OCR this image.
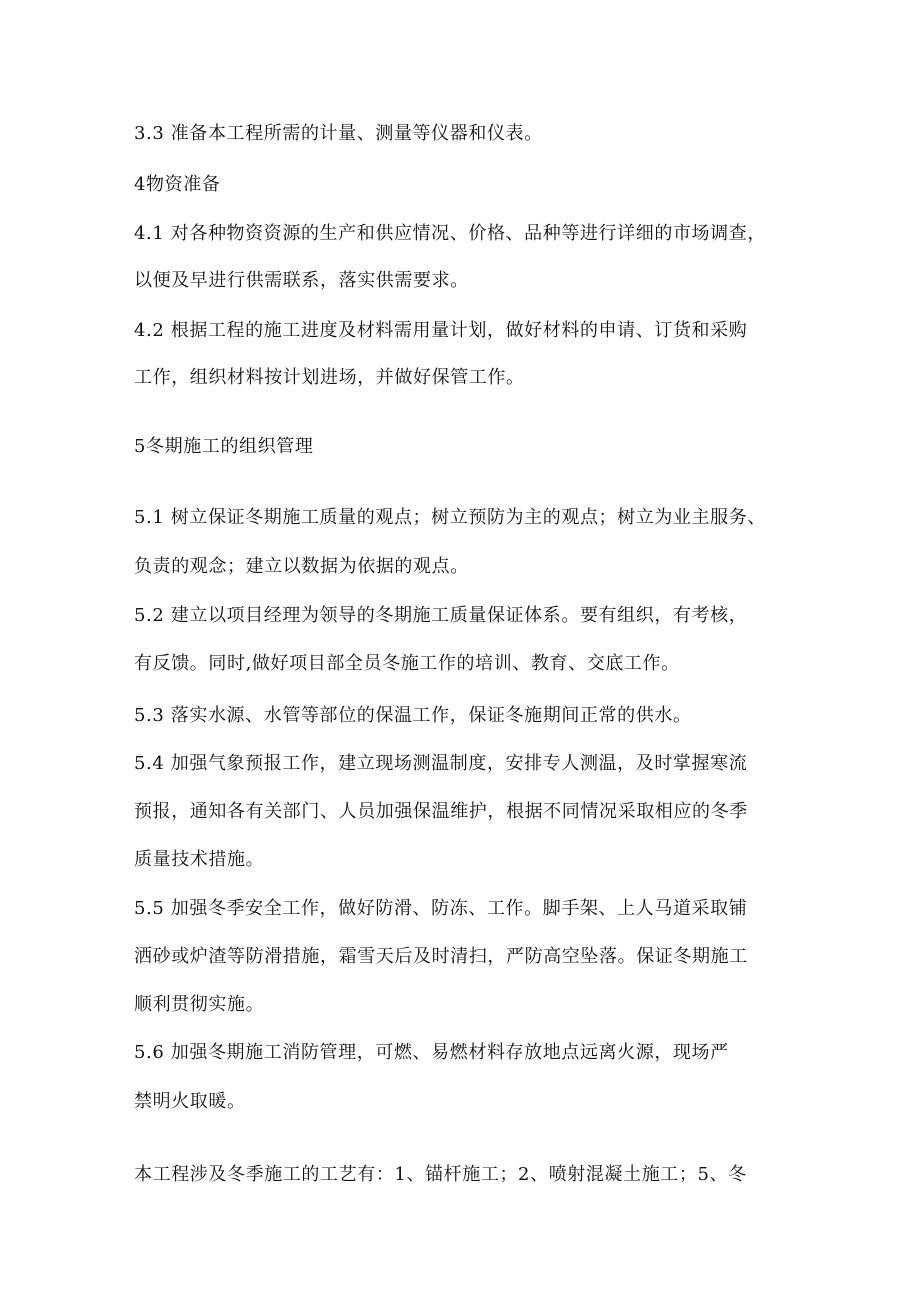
3.3 准备本工程所需的计量、测量等仪器和仪表。
4物资准备
4.1 对各种物资资源的生产和供应情况、价格、品种等进行详细的市场调查，
以便及早进行供需联系，落实供需要求。
4.2 根据工程的施工进度及材料需用量计划，做好材料的申请、订货和采购
工作，组织材料按计划进场，并做好保管工作。
5冬期施工的组织管理
5.1 树立保证冬期施工质量的观点；树立预防为主的观点；树立为业主服务、
负责的观念；建立以数据为依据的观点。
5.2 建立以项目经理为领导的冬期施工质量保证体系。要有组织，有考核，
有反馈。同时,做好项目部全员冬施工作的培训、教育、交底工作。
5.3 落实水源、水管等部位的保温工作，保证冬施期间正常的供水。
5.4 加强气象预报工作，建立现场测温制度，安排专人测温，及时掌握寒流
预报，通知各有关部门、人员加强保温维护，根据不同情况采取相应的冬季
质量技术措施。
5.5 加强冬季安全工作，做好防滑、防冻、工作。脚手架、上人马道采取铺
洒砂或炉渣等防滑措施，霜雪天后及时清扫，严防高空坠落。保证冬期施工
顺利贯彻实施。
5.6 加强冬期施工消防管理，可燃、易燃材料存放地点远离火源，现场严
禁明火取暖。
本工程涉及冬季施工的工艺有：1、锚杆施工；2、喷射混凝土施工；5、冬
